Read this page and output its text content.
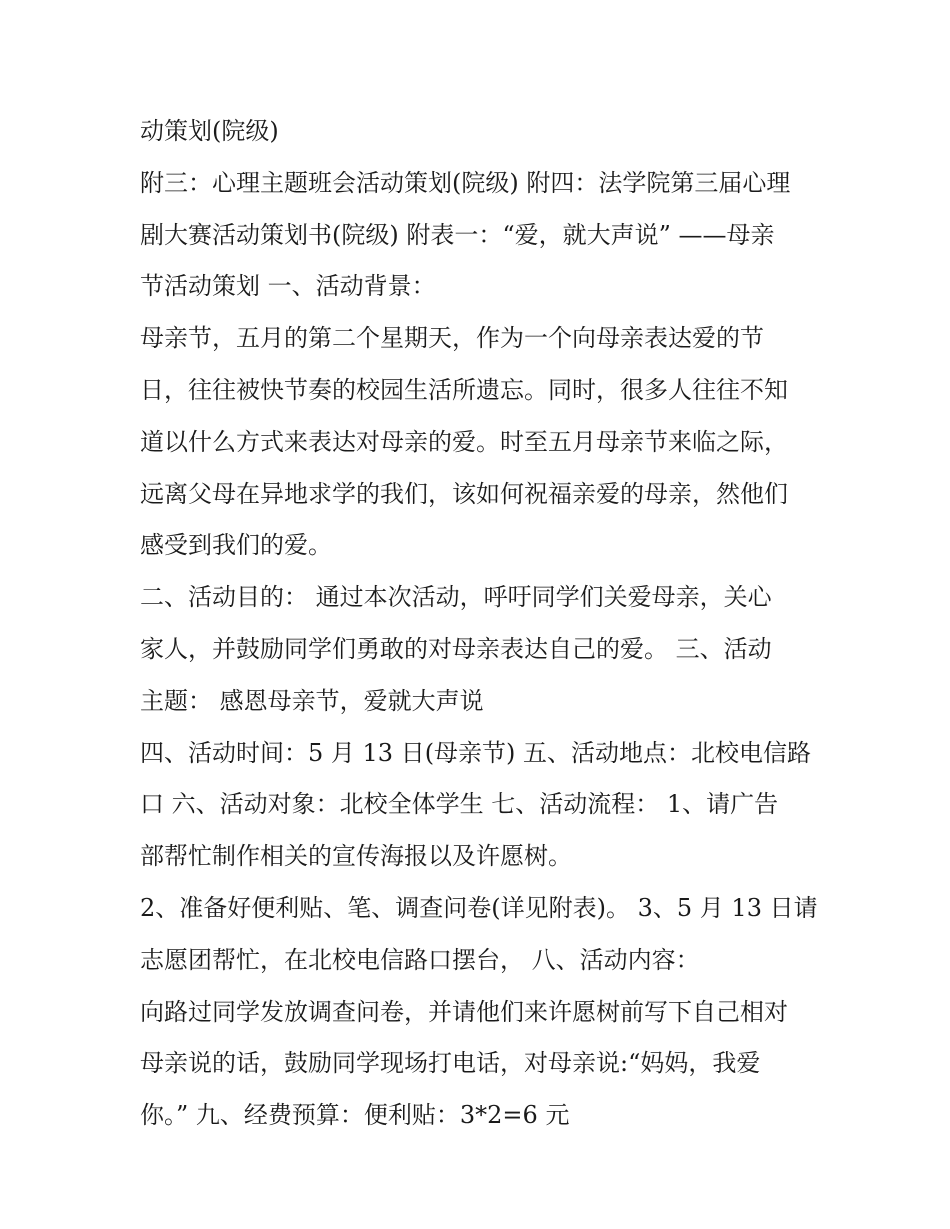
动策划(院级)
附三：心理主题班会活动策划(院级) 附四：法学院第三届心理
剧大赛活动策划书(院级) 附表一：“爱，就大声说” ——母亲
节活动策划 一、活动背景：
母亲节，五月的第二个星期天，作为一个向母亲表达爱的节
日，往往被快节奏的校园生活所遗忘。同时，很多人往往不知
道以什么方式来表达对母亲的爱。时至五月母亲节来临之际，
远离父母在异地求学的我们，该如何祝福亲爱的母亲，然他们
感受到我们的爱。
二、活动目的： 通过本次活动，呼吁同学们关爱母亲，关心
家人，并鼓励同学们勇敢的对母亲表达自己的爱。 三、活动
主题： 感恩母亲节，爱就大声说
四、活动时间：5 月 13 日(母亲节) 五、活动地点：北校电信路
口 六、活动对象：北校全体学生 七、活动流程： 1、请广告
部帮忙制作相关的宣传海报以及许愿树。
2、准备好便利贴、笔、调查问卷(详见附表)。 3、5 月 13 日请
志愿团帮忙，在北校电信路口摆台， 八、活动内容：
向路过同学发放调查问卷，并请他们来许愿树前写下自己相对
母亲说的话，鼓励同学现场打电话，对母亲说:“妈妈，我爱
你。” 九、经费预算：便利贴：3*2=6 元
